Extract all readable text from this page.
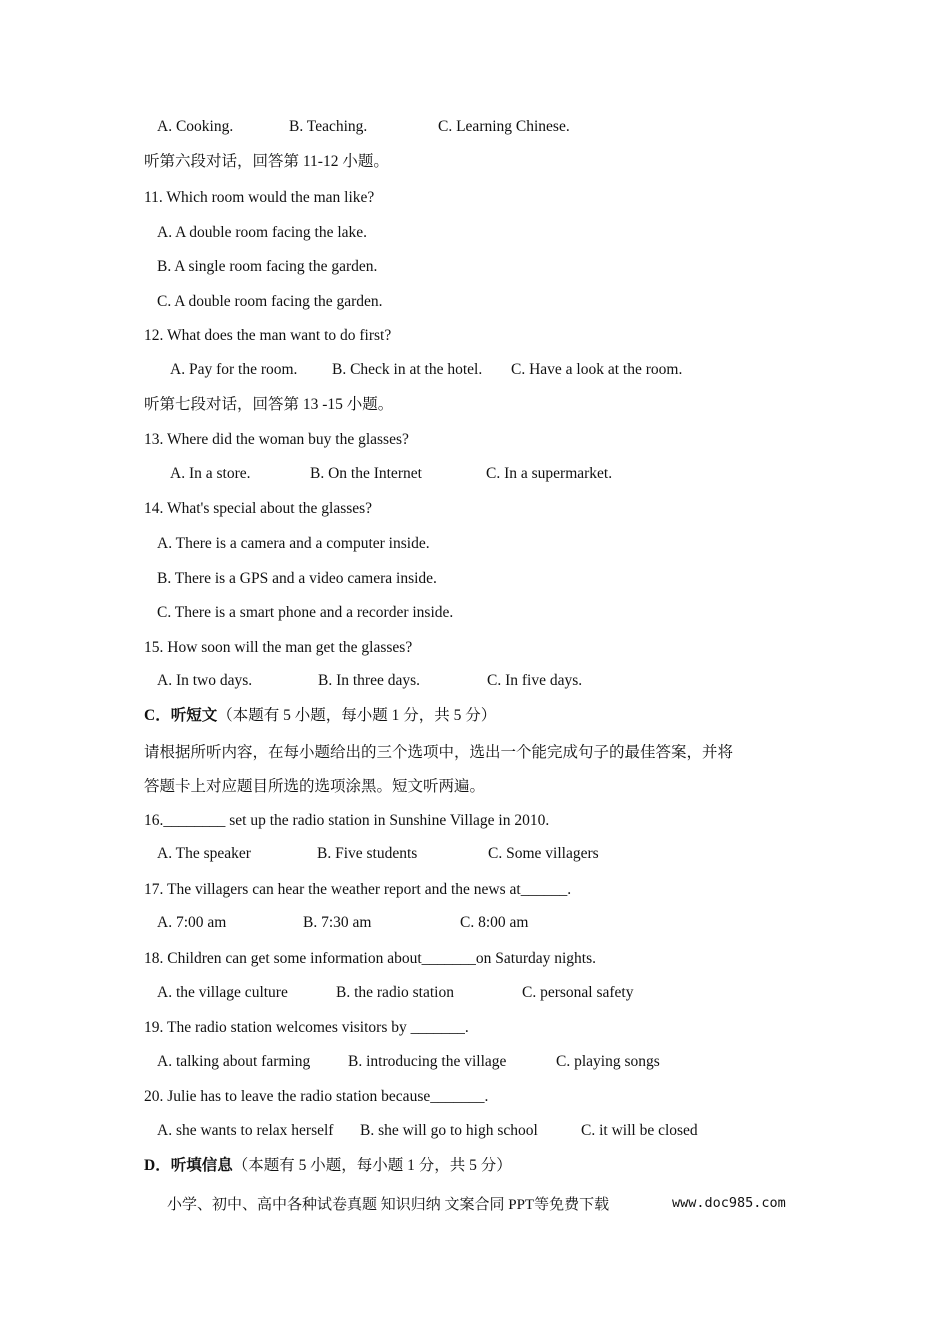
A. Cooking.	B. Teaching.	C. Learning Chinese.
听第六段对话，回答第 11-12 小题。
11. Which room would the man like?
A. A double room facing the lake.
B. A single room facing the garden.
C. A double room facing the garden.
12. What does the man want to do first?
A. Pay for the room. B. Check in at the hotel. C. Have a look at the room.
听第七段对话，回答第 13 -15 小题。
13. Where did the woman buy the glasses?
A. In a store.	B. On the Internet	C. In a supermarket.
14. What's special about the glasses?
A. There is a camera and a computer inside.
B. There is a GPS and a video camera inside.
C. There is a smart phone and a recorder inside.
15. How soon will the man get the glasses?
A. In two days.	B. In three days.	C. In five days.
C．听短文（本题有 5 小题，每小题 1 分，共 5 分）
请根据所听内容，在每小题给出的三个选项中，选出一个能完成句子的最佳答案，并将
答题卡上对应题目所选的选项涂黑。短文听两遍。
16.________ set up the radio station in Sunshine Village in 2010.
A. The speaker	B. Five students	C. Some villagers
17. The villagers can hear the weather report and the news at______.
A. 7:00 am	B. 7:30 am	C. 8:00 am
18. Children can get some information about_______on Saturday nights.
A. the village culture	B. the radio station	C. personal safety
19. The radio station welcomes visitors by _______.
A. talking about farming B. introducing the village	C. playing songs
20. Julie has to leave the radio station because_______.
A. she wants to relax herself B. she will go to high school	C. it will be closed
D．听填信息（本题有 5 小题，每小题 1 分，共 5 分）
小学、初中、高中各种试卷真题 知识归纳 文案合同 PPT等免费下载	www.doc985.com
